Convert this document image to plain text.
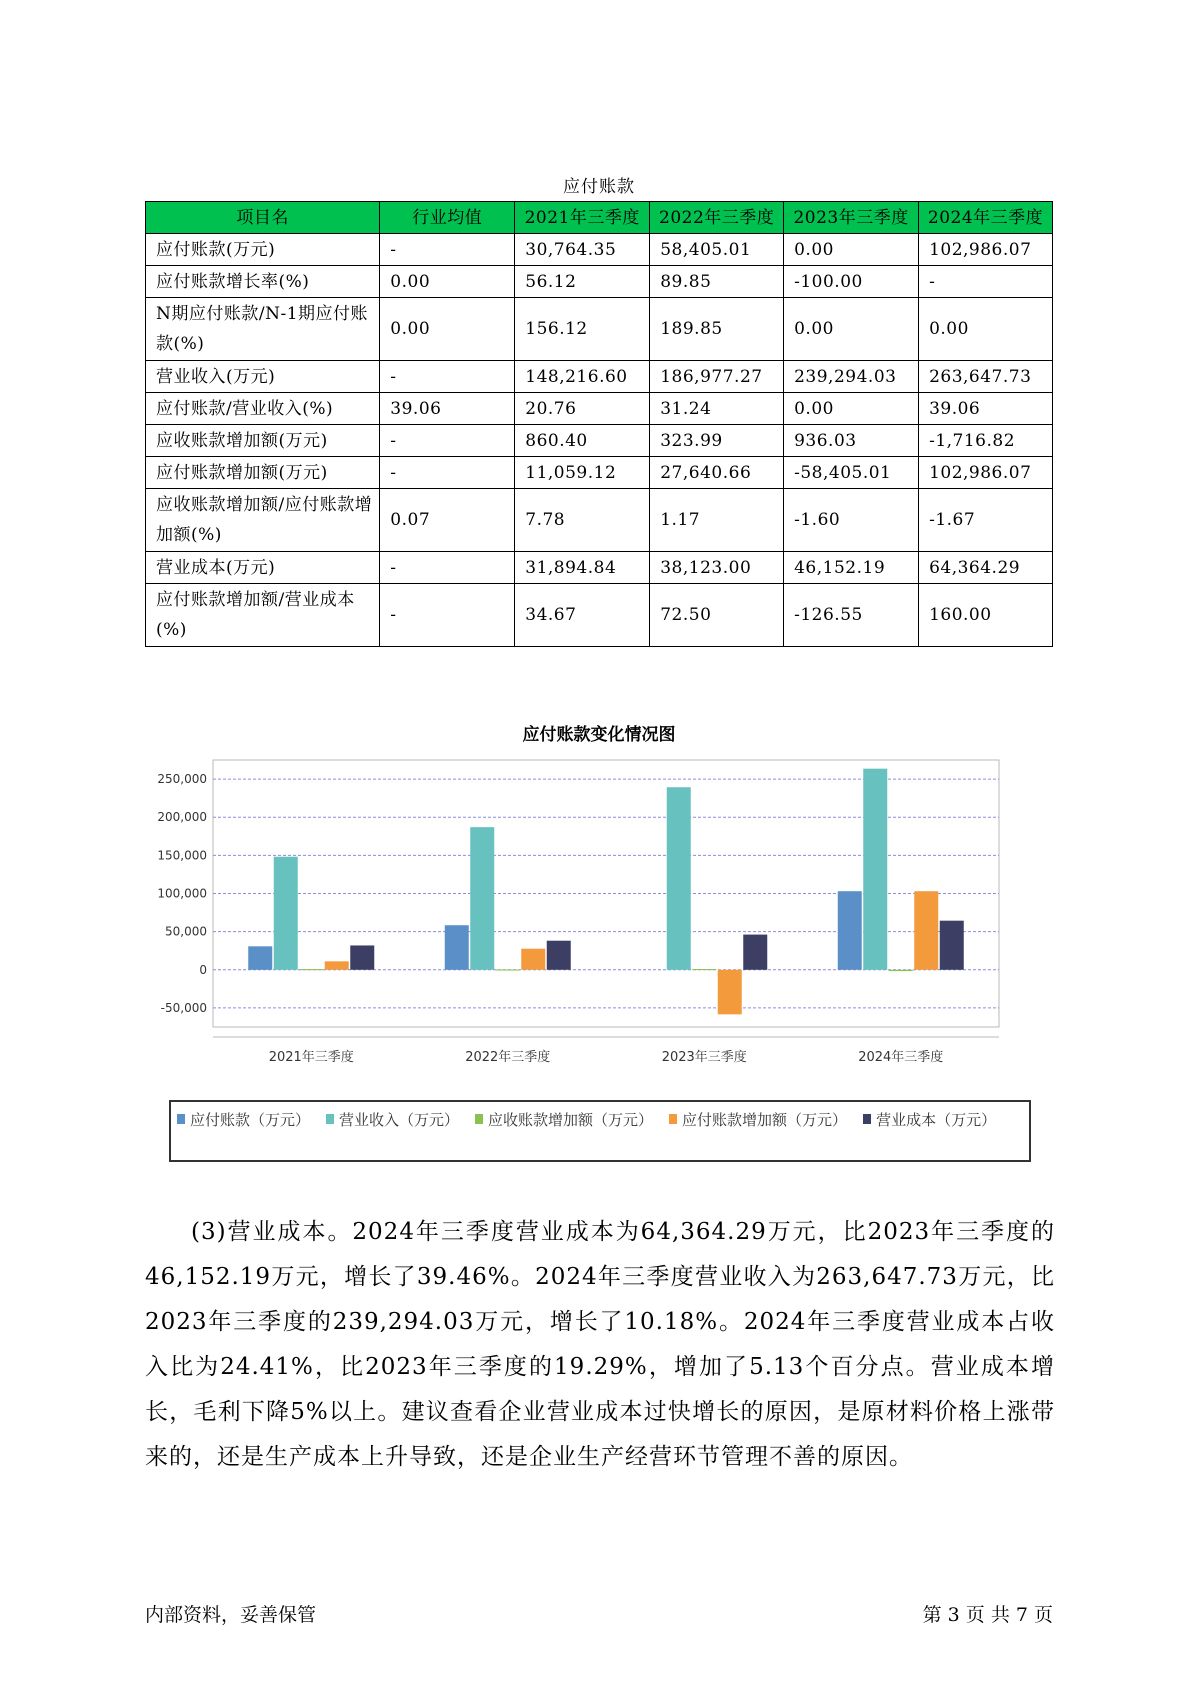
应付账款
项目名	行业均值	2021年三季度	2022年三季度	2023年三季度	2024年三季度
应付账款(万元)	-	30,764.35	58,405.01	0.00	102,986.07
应付账款增长率(%)	0.00	56.12	89.85	-100.00	-
N期应付账款/N-1期应付账款(%)	0.00	156.12	189.85	0.00	0.00
营业收入(万元)	-	148,216.60	186,977.27	239,294.03	263,647.73
应付账款/营业收入(%)	39.06	20.76	31.24	0.00	39.06
应收账款增加额(万元)	-	860.40	323.99	936.03	-1,716.82
应付账款增加额(万元)	-	11,059.12	27,640.66	-58,405.01	102,986.07
应收账款增加额/应付账款增加额(%)	0.07	7.78	1.17	-1.60	-1.67
营业成本(万元)	-	31,894.84	38,123.00	46,152.19	64,364.29
应付账款增加额/营业成本(%)	-	34.67	72.50	-126.55	160.00
应付账款变化情况图
250,000
200,000
150,000
100,000
50,000
0
-50,000
2021年三季度	2022年三季度	2023年三季度	2024年三季度
应付账款（万元） 营业收入（万元） 应收账款增加额（万元） 应付账款增加额（万元） 营业成本（万元）
(3)营业成本。2024年三季度营业成本为64,364.29万元，比2023年三季度的46,152.19万元，增长了39.46%。2024年三季度营业收入为263,647.73万元，比2023年三季度的239,294.03万元，增长了10.18%。2024年三季度营业成本占收入比为24.41%，比2023年三季度的19.29%，增加了5.13个百分点。营业成本增长，毛利下降5%以上。建议查看企业营业成本过快增长的原因，是原材料价格上涨带来的，还是生产成本上升导致，还是企业生产经营环节管理不善的原因。
内部资料，妥善保管	第 3 页 共 7 页
